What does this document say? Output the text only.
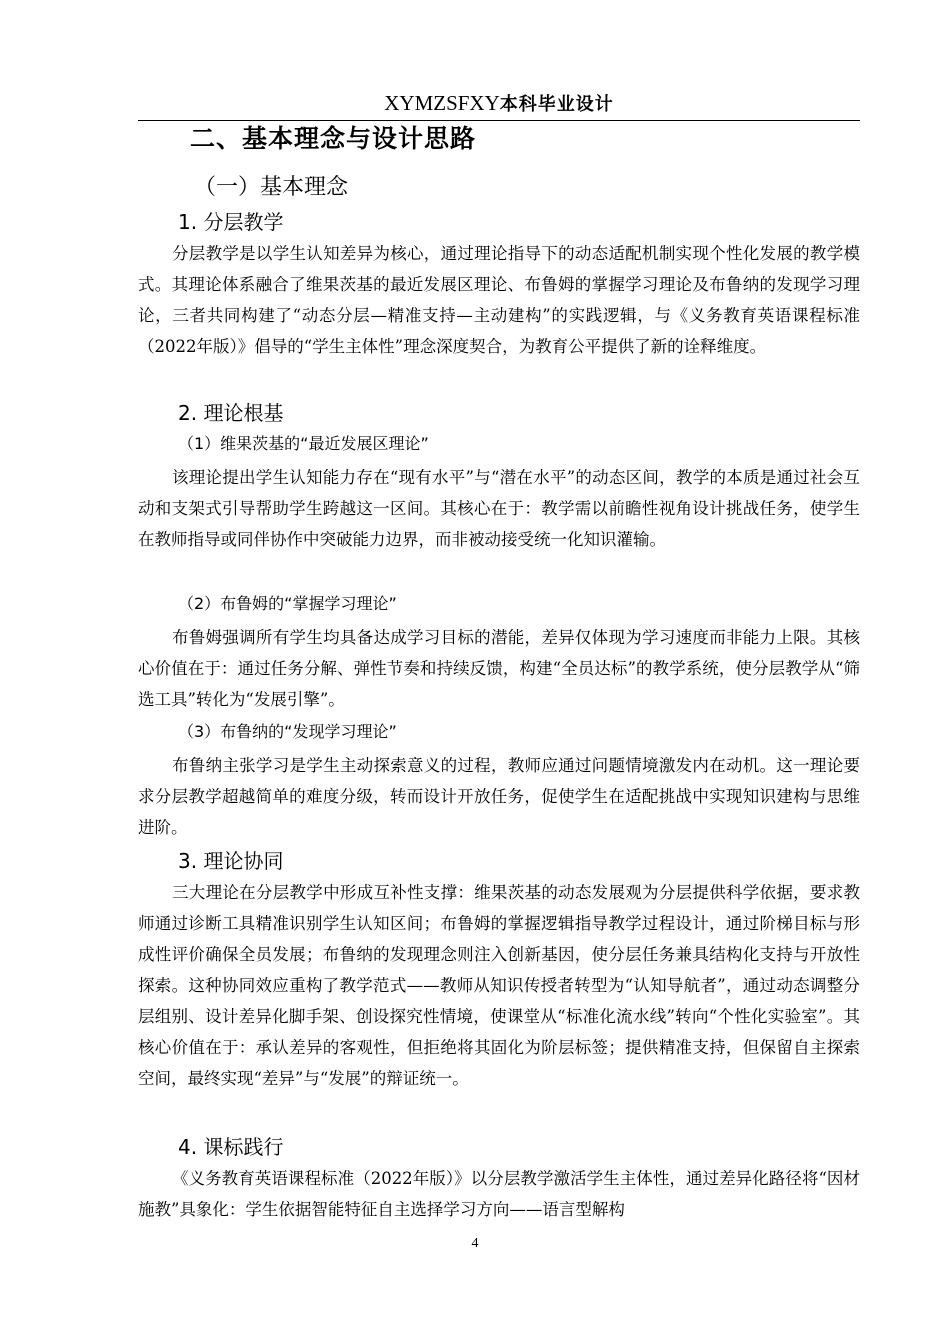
XYMZSFXY本科毕业设计
二、基本理念与设计思路
（一）基本理念
1. 分层教学

分层教学是以学生认知差异为核心，通过理论指导下的动态适配机制实现个性化发展的教学模式。其理论体系融合了维果茨基的最近发展区理论、布鲁姆的掌握学习理论及布鲁纳的发现学习理论，三者共同构建了“动态分层—精准支持—主动建构”的实践逻辑，与《义务教育英语课程标准（2022年版）》倡导的“学生主体性”理念深度契合，为教育公平提供了新的诠释维度。

2. 理论根基
（1）维果茨基的“最近发展区理论”

该理论提出学生认知能力存在“现有水平”与“潜在水平”的动态区间，教学的本质是通过社会互动和支架式引导帮助学生跨越这一区间。其核心在于：教学需以前瞻性视角设计挑战任务，使学生在教师指导或同伴协作中突破能力边界，而非被动接受统一化知识灌输。

（2）布鲁姆的“掌握学习理论”

布鲁姆强调所有学生均具备达成学习目标的潜能，差异仅体现为学习速度而非能力上限。其核心价值在于：通过任务分解、弹性节奏和持续反馈，构建“全员达标”的教学系统，使分层教学从“筛选工具”转化为“发展引擎”。

（3）布鲁纳的“发现学习理论”

布鲁纳主张学习是学生主动探索意义的过程，教师应通过问题情境激发内在动机。这一理论要求分层教学超越简单的难度分级，转而设计开放任务，促使学生在适配挑战中实现知识建构与思维进阶。

3. 理论协同

三大理论在分层教学中形成互补性支撑：维果茨基的动态发展观为分层提供科学依据，要求教师通过诊断工具精准识别学生认知区间；布鲁姆的掌握逻辑指导教学过程设计，通过阶梯目标与形成性评价确保全员发展；布鲁纳的发现理念则注入创新基因，使分层任务兼具结构化支持与开放性探索。这种协同效应重构了教学范式——教师从知识传授者转型为“认知导航者”，通过动态调整分层组别、设计差异化脚手架、创设探究性情境，使课堂从“标准化流水线”转向“个性化实验室”。其核心价值在于：承认差异的客观性，但拒绝将其固化为阶层标签；提供精准支持，但保留自主探索空间，最终实现“差异”与“发展”的辩证统一。

4. 课标践行

《义务教育英语课程标准（2022年版）》以分层教学激活学生主体性，通过差异化路径将“因材施教”具象化：学生依据智能特征自主选择学习方向——语言型解构

4
